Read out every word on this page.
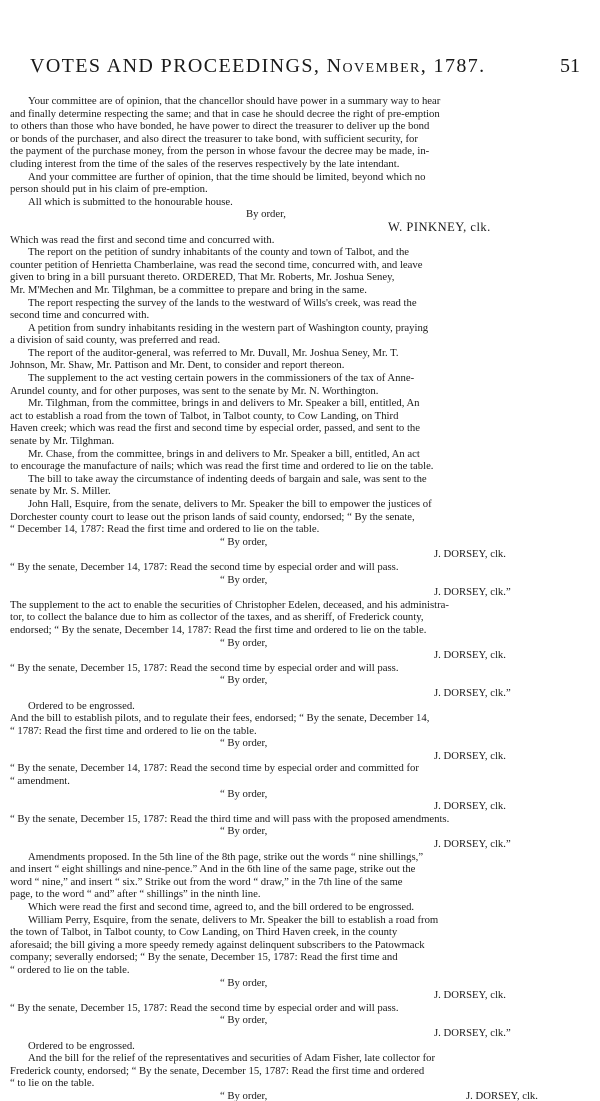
VOTES AND PROCEEDINGS, November, 1787.	51
Your committee are of opinion, that the chancellor should have power in a summary way to hear
and finally determine respecting the same; and that in case he should decree the right of pre-emption
to others than those who have bonded, he have power to direct the treasurer to deliver up the bond
or bonds of the purchaser, and also direct the treasurer to take bond, with sufficient security, for
the payment of the purchase money, from the person in whose favour the decree may be made, in-
cluding interest from the time of the sales of the reserves respectively by the late intendant.
And your committee are further of opinion, that the time should be limited, beyond which no
person should put in his claim of pre-emption.
All which is submitted to the honourable house.
By order,
W. PINKNEY, clk.
Which was read the first and second time and concurred with.
The report on the petition of sundry inhabitants of the county and town of Talbot, and the
counter petition of Henrietta Chamberlaine, was read the second time, concurred with, and leave
given to bring in a bill pursuant thereto. ORDERED, That Mr. Roberts, Mr. Joshua Seney,
Mr. M'Mechen and Mr. Tilghman, be a committee to prepare and bring in the same.
The report respecting the survey of the lands to the westward of Wills's creek, was read the
second time and concurred with.
A petition from sundry inhabitants residing in the western part of Washington county, praying
a division of said county, was preferred and read.
The report of the auditor-general, was referred to Mr. Duvall, Mr. Joshua Seney, Mr. T.
Johnson, Mr. Shaw, Mr. Pattison and Mr. Dent, to consider and report thereon.
The supplement to the act vesting certain powers in the commissioners of the tax of Anne-
Arundel county, and for other purposes, was sent to the senate by Mr. N. Worthington.
Mr. Tilghman, from the committee, brings in and delivers to Mr. Speaker a bill, entitled, An
act to establish a road from the town of Talbot, in Talbot county, to Cow Landing, on Third
Haven creek; which was read the first and second time by especial order, passed, and sent to the
senate by Mr. Tilghman.
Mr. Chase, from the committee, brings in and delivers to Mr. Speaker a bill, entitled, An act
to encourage the manufacture of nails; which was read the first time and ordered to lie on the table.
The bill to take away the circumstance of indenting deeds of bargain and sale, was sent to the
senate by Mr. S. Miller.
John Hall, Esquire, from the senate, delivers to Mr. Speaker the bill to empower the justices of
Dorchester county court to lease out the prison lands of said county, endorsed; “ By the senate,
“ December 14, 1787: Read the first time and ordered to lie on the table.
“ By order,
J. DORSEY, clk.
“ By the senate, December 14, 1787: Read the second time by especial order and will pass.
“ By order,
J. DORSEY, clk.”
The supplement to the act to enable the securities of Christopher Edelen, deceased, and his administra-
tor, to collect the balance due to him as collector of the taxes, and as sheriff, of Frederick county,
endorsed; “ By the senate, December 14, 1787: Read the first time and ordered to lie on the table.
“ By order,
J. DORSEY, clk.
“ By the senate, December 15, 1787: Read the second time by especial order and will pass.
“ By order,
J. DORSEY, clk.”
Ordered to be engrossed.
And the bill to establish pilots, and to regulate their fees, endorsed; “ By the senate, December 14,
“ 1787: Read the first time and ordered to lie on the table.
“ By order,
J. DORSEY, clk.
“ By the senate, December 14, 1787: Read the second time by especial order and committed for
“ amendment.
“ By order,
J. DORSEY, clk.
“ By the senate, December 15, 1787: Read the third time and will pass with the proposed amendments.
“ By order,
J. DORSEY, clk.”
Amendments proposed. In the 5th line of the 8th page, strike out the words “ nine shillings,”
and insert “ eight shillings and nine-pence.” And in the 6th line of the same page, strike out the
word “ nine,” and insert “ six.” Strike out from the word “ draw,” in the 7th line of the same
page, to the word “ and” after “ shillings” in the ninth line.
Which were read the first and second time, agreed to, and the bill ordered to be engrossed.
William Perry, Esquire, from the senate, delivers to Mr. Speaker the bill to establish a road from
the town of Talbot, in Talbot county, to Cow Landing, on Third Haven creek, in the county
aforesaid; the bill giving a more speedy remedy against delinquent subscribers to the Patowmack
company; severally endorsed; “ By the senate, December 15, 1787: Read the first time and
“ ordered to lie on the table.
“ By order,
J. DORSEY, clk.
“ By the senate, December 15, 1787: Read the second time by especial order and will pass.
“ By order,
J. DORSEY, clk.”
Ordered to be engrossed.
And the bill for the relief of the representatives and securities of Adam Fisher, late collector for
Frederick county, endorsed; “ By the senate, December 15, 1787: Read the first time and ordered
“ to lie on the table.
“ By order,	J. DORSEY, clk.
